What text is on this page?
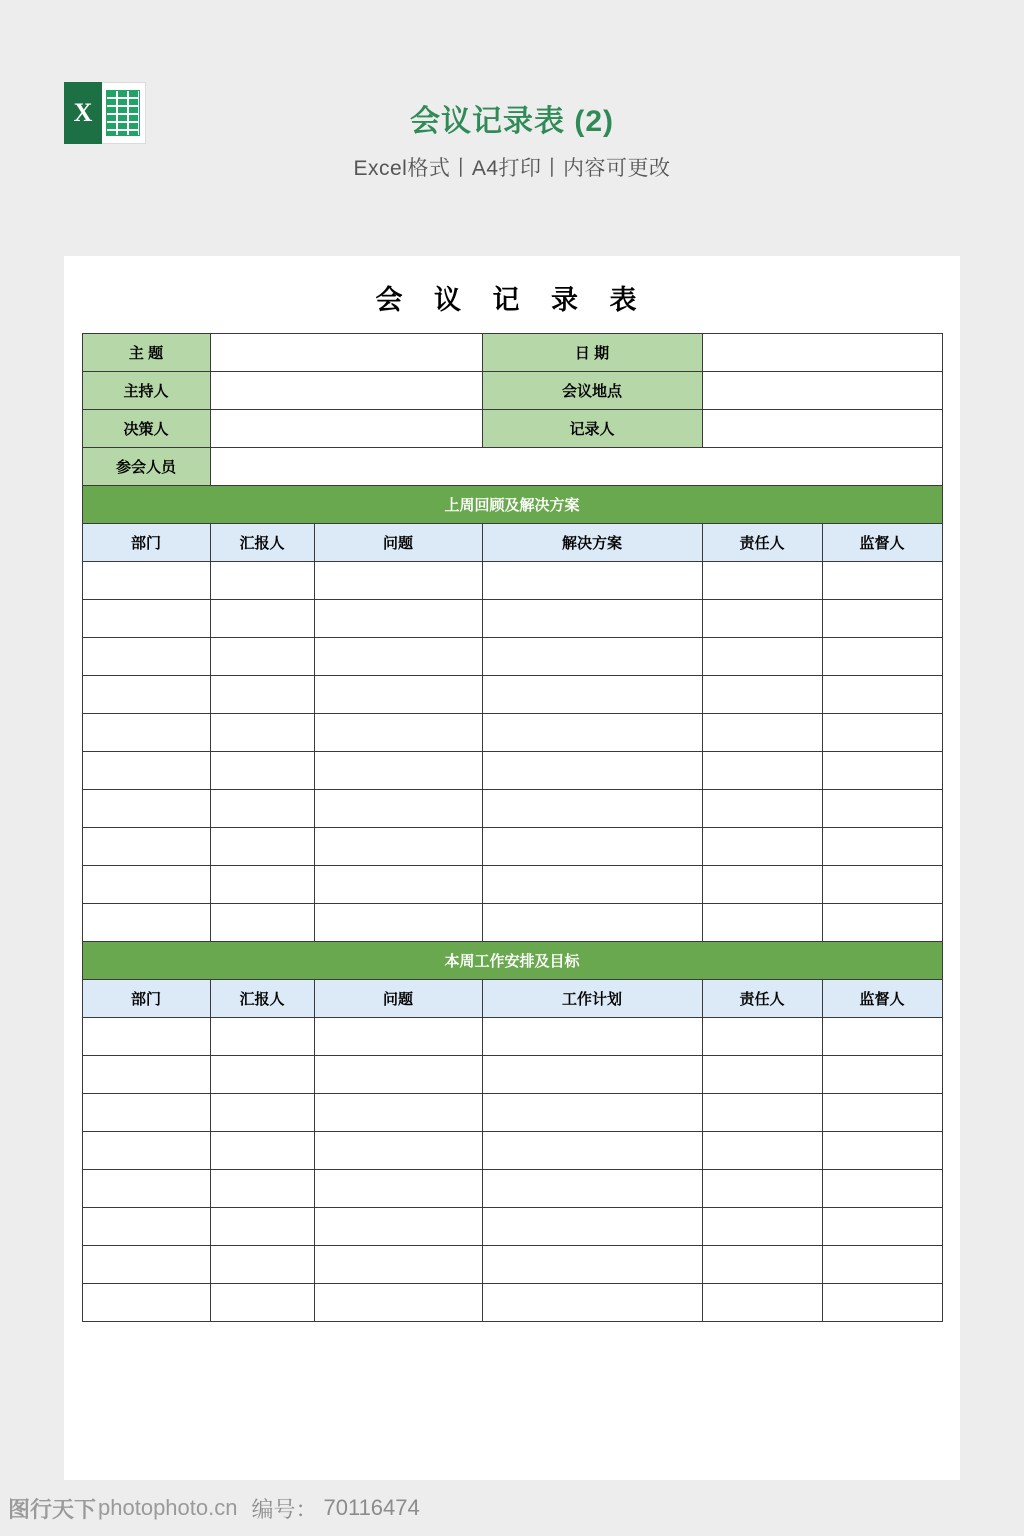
X	会议记录表 (2)
Excel格式丨A4打印丨内容可更改
会 议 记 录 表
主 题			日 期		
主持人			会议地点		
决策人			记录人		
参会人员					
上周回顾及解决方案					
部门	汇报人	问题	解决方案	责任人	监督人

本周工作安排及目标					
部门	汇报人	问题	工作计划	责任人	监督人

图行天下 photophoto.cn 编号： 70116474
